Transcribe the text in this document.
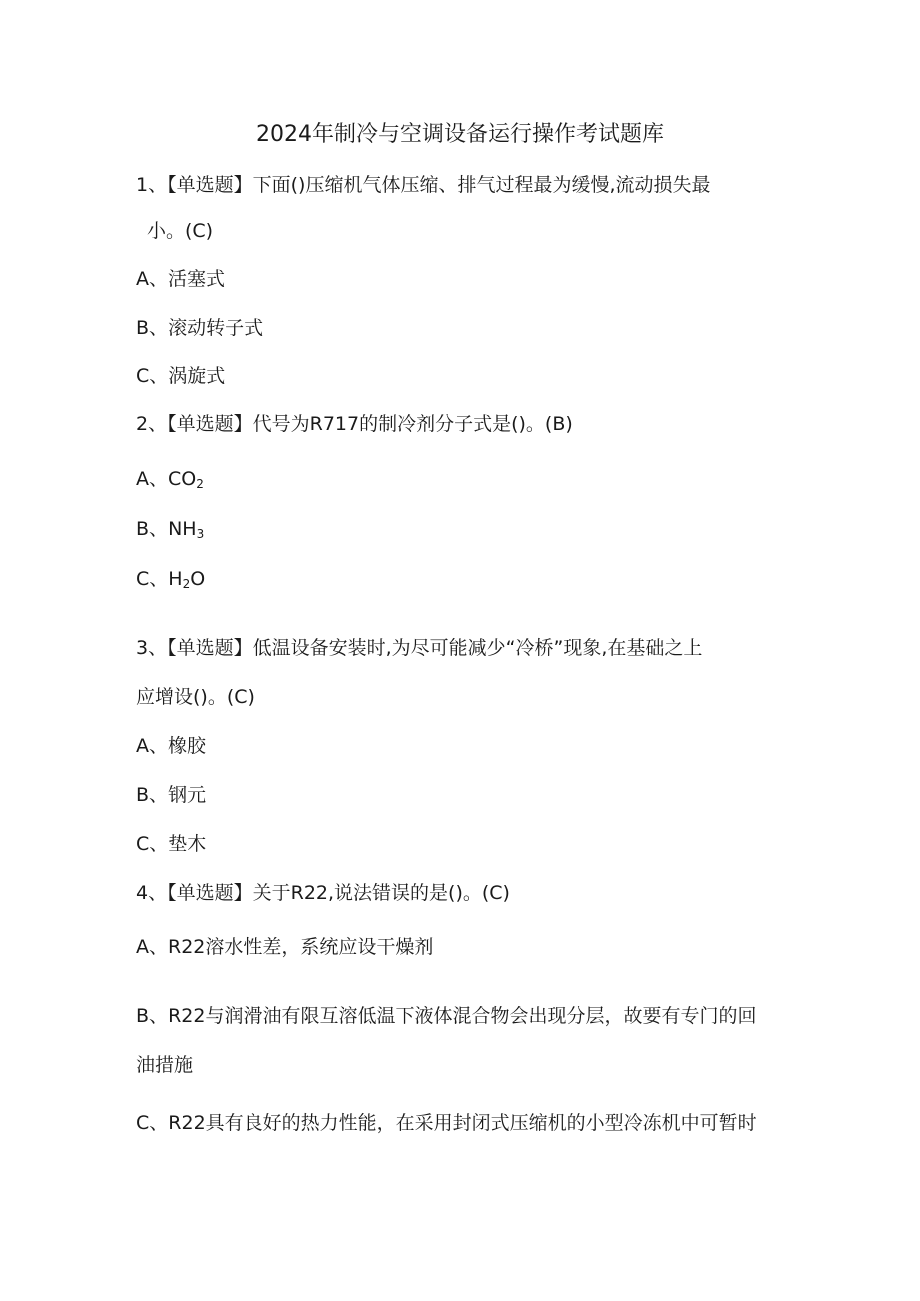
2024年制冷与空调设备运行操作考试题库
1、【单选题】下面()压缩机气体压缩、排气过程最为缓慢,流动损失最
小。(C)
A、活塞式
B、滚动转子式
C、涡旋式
2、【单选题】代号为R717的制冷剂分子式是()。(B)
A、$CO_2$
B、$NH_3$
C、$H_2O$
3、【单选题】低温设备安装时,为尽可能减少“冷桥”现象,在基础之上
应增设()。(C)
A、橡胶
B、钢元
C、垫木
4、【单选题】关于R22,说法错误的是()。(C)
A、R22溶水性差，系统应设干燥剂
B、R22与润滑油有限互溶低温下液体混合物会出现分层，故要有专门的回
油措施
C、R22具有良好的热力性能，在采用封闭式压缩机的小型冷冻机中可暂时
